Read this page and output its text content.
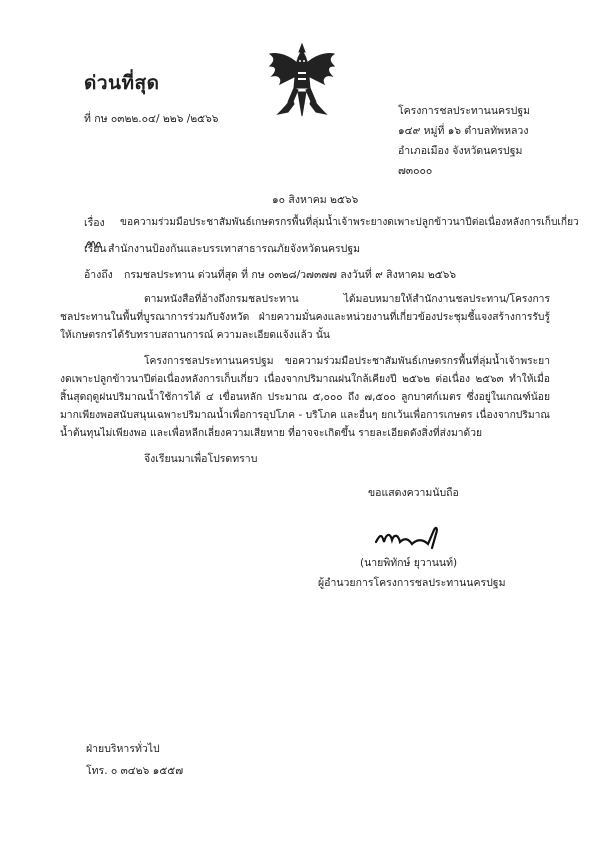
ด่วนที่สุด
ที่ กษ ๐๓๒๒.๐๔/ ๒๒๖ /๒๕๖๖
โครงการชลประทานนครปฐม
๑๔๙ หมู่ที่ ๑๖ ตำบลทัพหลวง
อำเภอเมือง จังหวัดนครปฐม
๗๓๐๐๐
๑๐ สิงหาคม ๒๕๖๖
เรื่อง ขอความร่วมมือประชาสัมพันธ์เกษตรกรพื้นที่ลุ่มน้ำเจ้าพระยางดเพาะปลูกข้าวนาปีต่อเนื่องหลังการเก็บเกี่ยว
เรียน สำนักงานป้องกันและบรรเทาสาธารณภัยจังหวัดนครปฐม
อ้างถึง กรมชลประทาน ด่วนที่สุด ที่ กษ ๐๓๒๘/ว๗๓๗๗ ลงวันที่ ๙ สิงหาคม ๒๕๖๖
ตามหนังสือที่อ้างถึงกรมชลประทาน ได้มอบหมายให้สำนักงานชลประทาน/โครงการชลประทานในพื้นที่บูรณาการร่วมกับจังหวัด ฝ่ายความมั่นคงและหน่วยงานที่เกี่ยวข้องประชุมชี้แจงสร้างการรับรู้ให้เกษตรกรได้รับทราบสถานการณ์ ความละเอียดแจ้งแล้ว นั้น
โครงการชลประทานนครปฐม ขอความร่วมมือประชาสัมพันธ์เกษตรกรพื้นที่ลุ่มน้ำเจ้าพระยางดเพาะปลูกข้าวนาปีต่อเนื่องหลังการเก็บเกี่ยว เนื่องจากปริมาณฝนใกล้เคียงปี ๒๕๖๒ ต่อเนื่อง ๒๕๖๓ ทำให้เมื่อสิ้นสุดฤดูฝนปริมาณน้ำใช้การได้ ๔ เขื่อนหลัก ประมาณ ๕,๐๐๐ ถึง ๗,๕๐๐ ลูกบาศก์เมตร ซึ่งอยู่ในเกณฑ์น้อยมากเพียงพอสนับสนุนเฉพาะปริมาณน้ำเพื่อการอุปโภค - บริโภค และอื่นๆ ยกเว้นเพื่อการเกษตร เนื่องจากปริมาณน้ำต้นทุนไม่เพียงพอ และเพื่อหลีกเลี่ยงความเสียหาย ที่อาจจะเกิดขึ้น รายละเอียดดังสิ่งที่ส่งมาด้วย
จึงเรียนมาเพื่อโปรดทราบ
ขอแสดงความนับถือ
(นายพิทักษ์ ยุวานนท์)
ผู้อำนวยการโครงการชลประทานนครปฐม
ฝ่ายบริหารทั่วไป
โทร. ๐ ๓๔๒๖ ๑๕๕๗
